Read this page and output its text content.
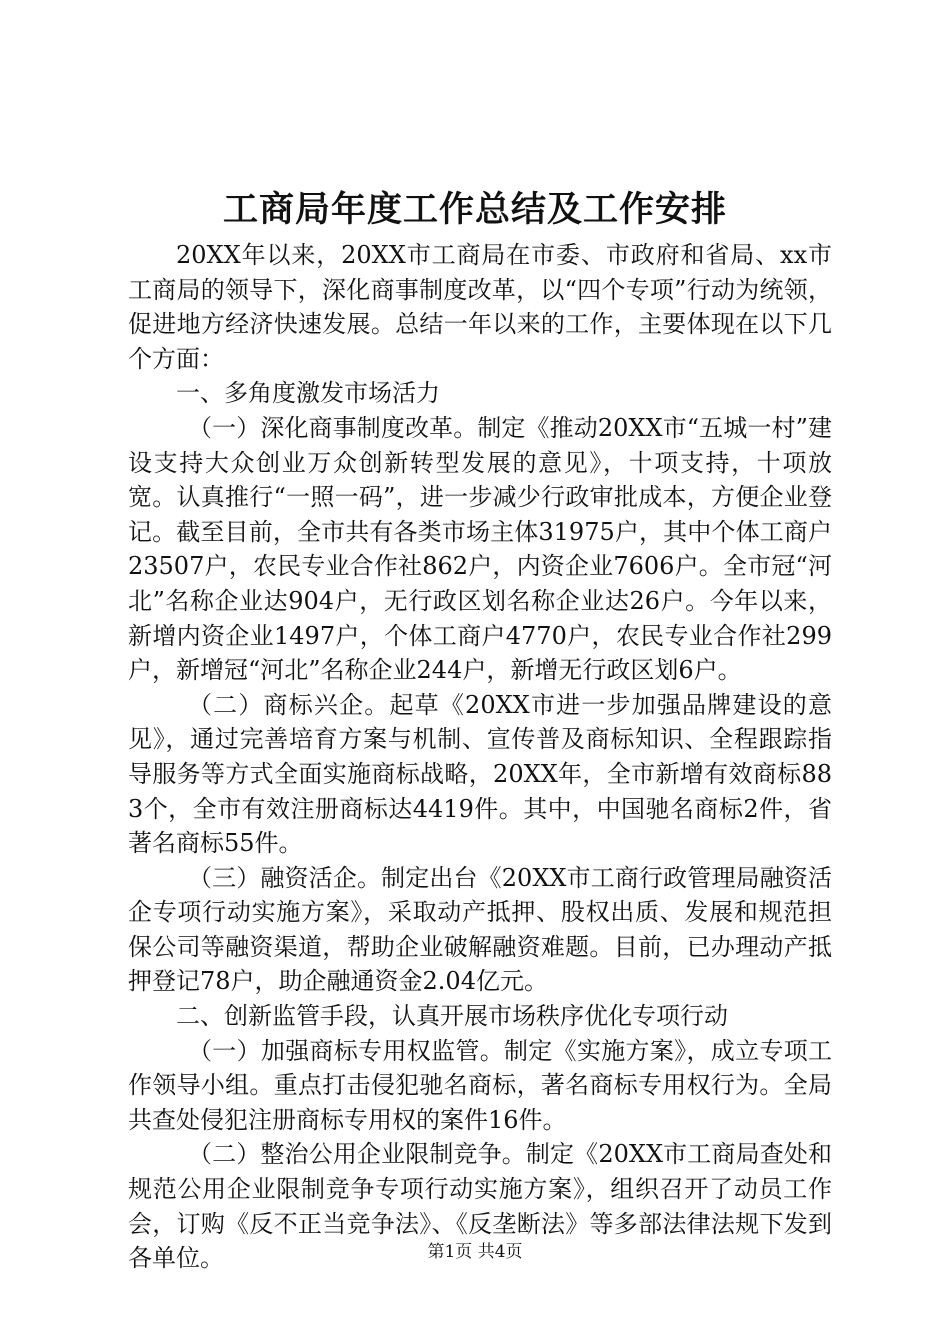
工商局年度工作总结及工作安排

20XX年以来，20XX市工商局在市委、市政府和省局、xx市工商局的领导下，深化商事制度改革，以“四个专项”行动为统领，促进地方经济快速发展。总结一年以来的工作，主要体现在以下几个方面：

一、多角度激发市场活力

（一）深化商事制度改革。制定《推动20XX市“五城一村”建设支持大众创业万众创新转型发展的意见》，十项支持，十项放宽。认真推行“一照一码”，进一步减少行政审批成本，方便企业登记。截至目前，全市共有各类市场主体31975户，其中个体工商户23507户，农民专业合作社862户，内资企业7606户。全市冠“河北”名称企业达904户，无行政区划名称企业达26户。今年以来，新增内资企业1497户，个体工商户4770户，农民专业合作社299户，新增冠“河北”名称企业244户，新增无行政区划6户。

（二）商标兴企。起草《20XX市进一步加强品牌建设的意见》，通过完善培育方案与机制、宣传普及商标知识、全程跟踪指导服务等方式全面实施商标战略，20XX年，全市新增有效商标883个，全市有效注册商标达4419件。其中，中国驰名商标2件，省著名商标55件。

（三）融资活企。制定出台《20XX市工商行政管理局融资活企专项行动实施方案》，采取动产抵押、股权出质、发展和规范担保公司等融资渠道，帮助企业破解融资难题。目前，已办理动产抵押登记78户，助企融通资金2.04亿元。

二、创新监管手段，认真开展市场秩序优化专项行动

（一）加强商标专用权监管。制定《实施方案》，成立专项工作领导小组。重点打击侵犯驰名商标，著名商标专用权行为。全局共查处侵犯注册商标专用权的案件16件。

（二）整治公用企业限制竞争。制定《20XX市工商局查处和规范公用企业限制竞争专项行动实施方案》，组织召开了动员工作会，订购《反不正当竞争法》、《反垄断法》等多部法律法规下发到各单位。	第1页 共4页
